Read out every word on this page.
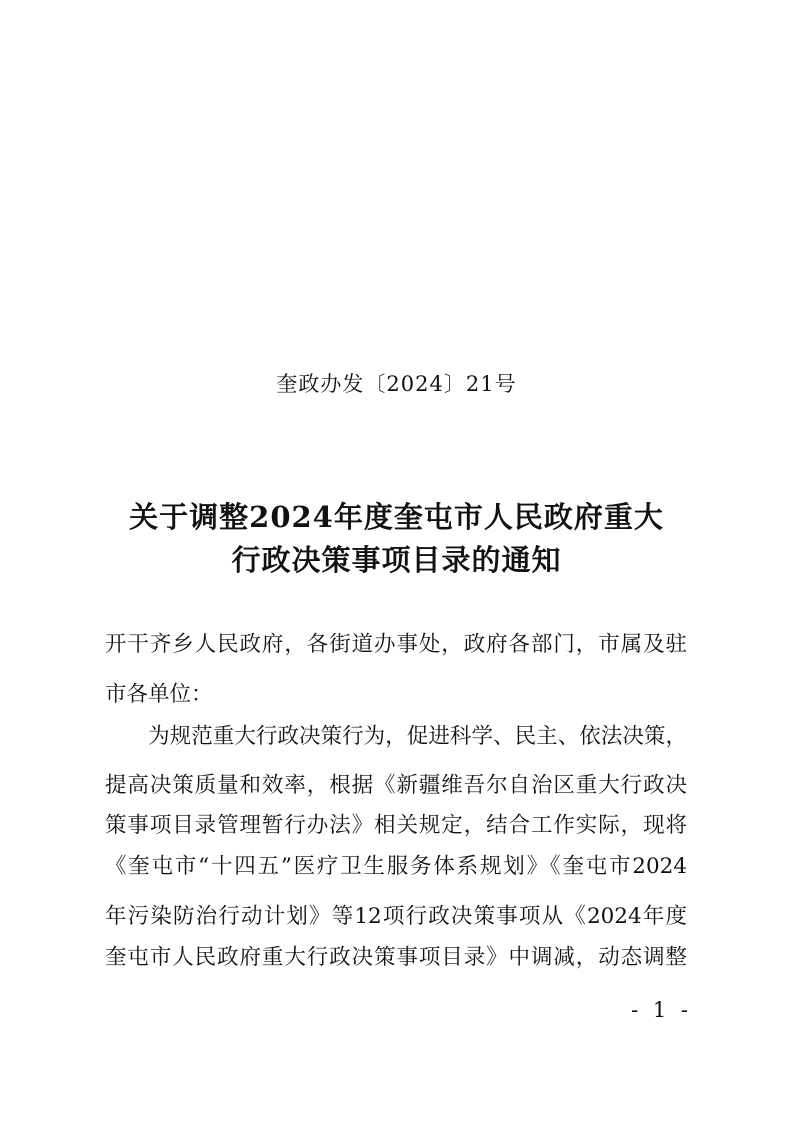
奎政办发〔2024〕21号
关于调整2024年度奎屯市人民政府重大
行政决策事项目录的通知
开干齐乡人民政府，各街道办事处，政府各部门，市属及驻
市各单位：
　　为规范重大行政决策行为，促进科学、民主、依法决策，
提高决策质量和效率，根据《新疆维吾尔自治区重大行政决
策事项目录管理暂行办法》相关规定，结合工作实际，现将
《奎屯市“十四五”医疗卫生服务体系规划》《奎屯市2024
年污染防治行动计划》等12项行政决策事项从《2024年度
奎屯市人民政府重大行政决策事项目录》中调减，动态调整
- 1 -
